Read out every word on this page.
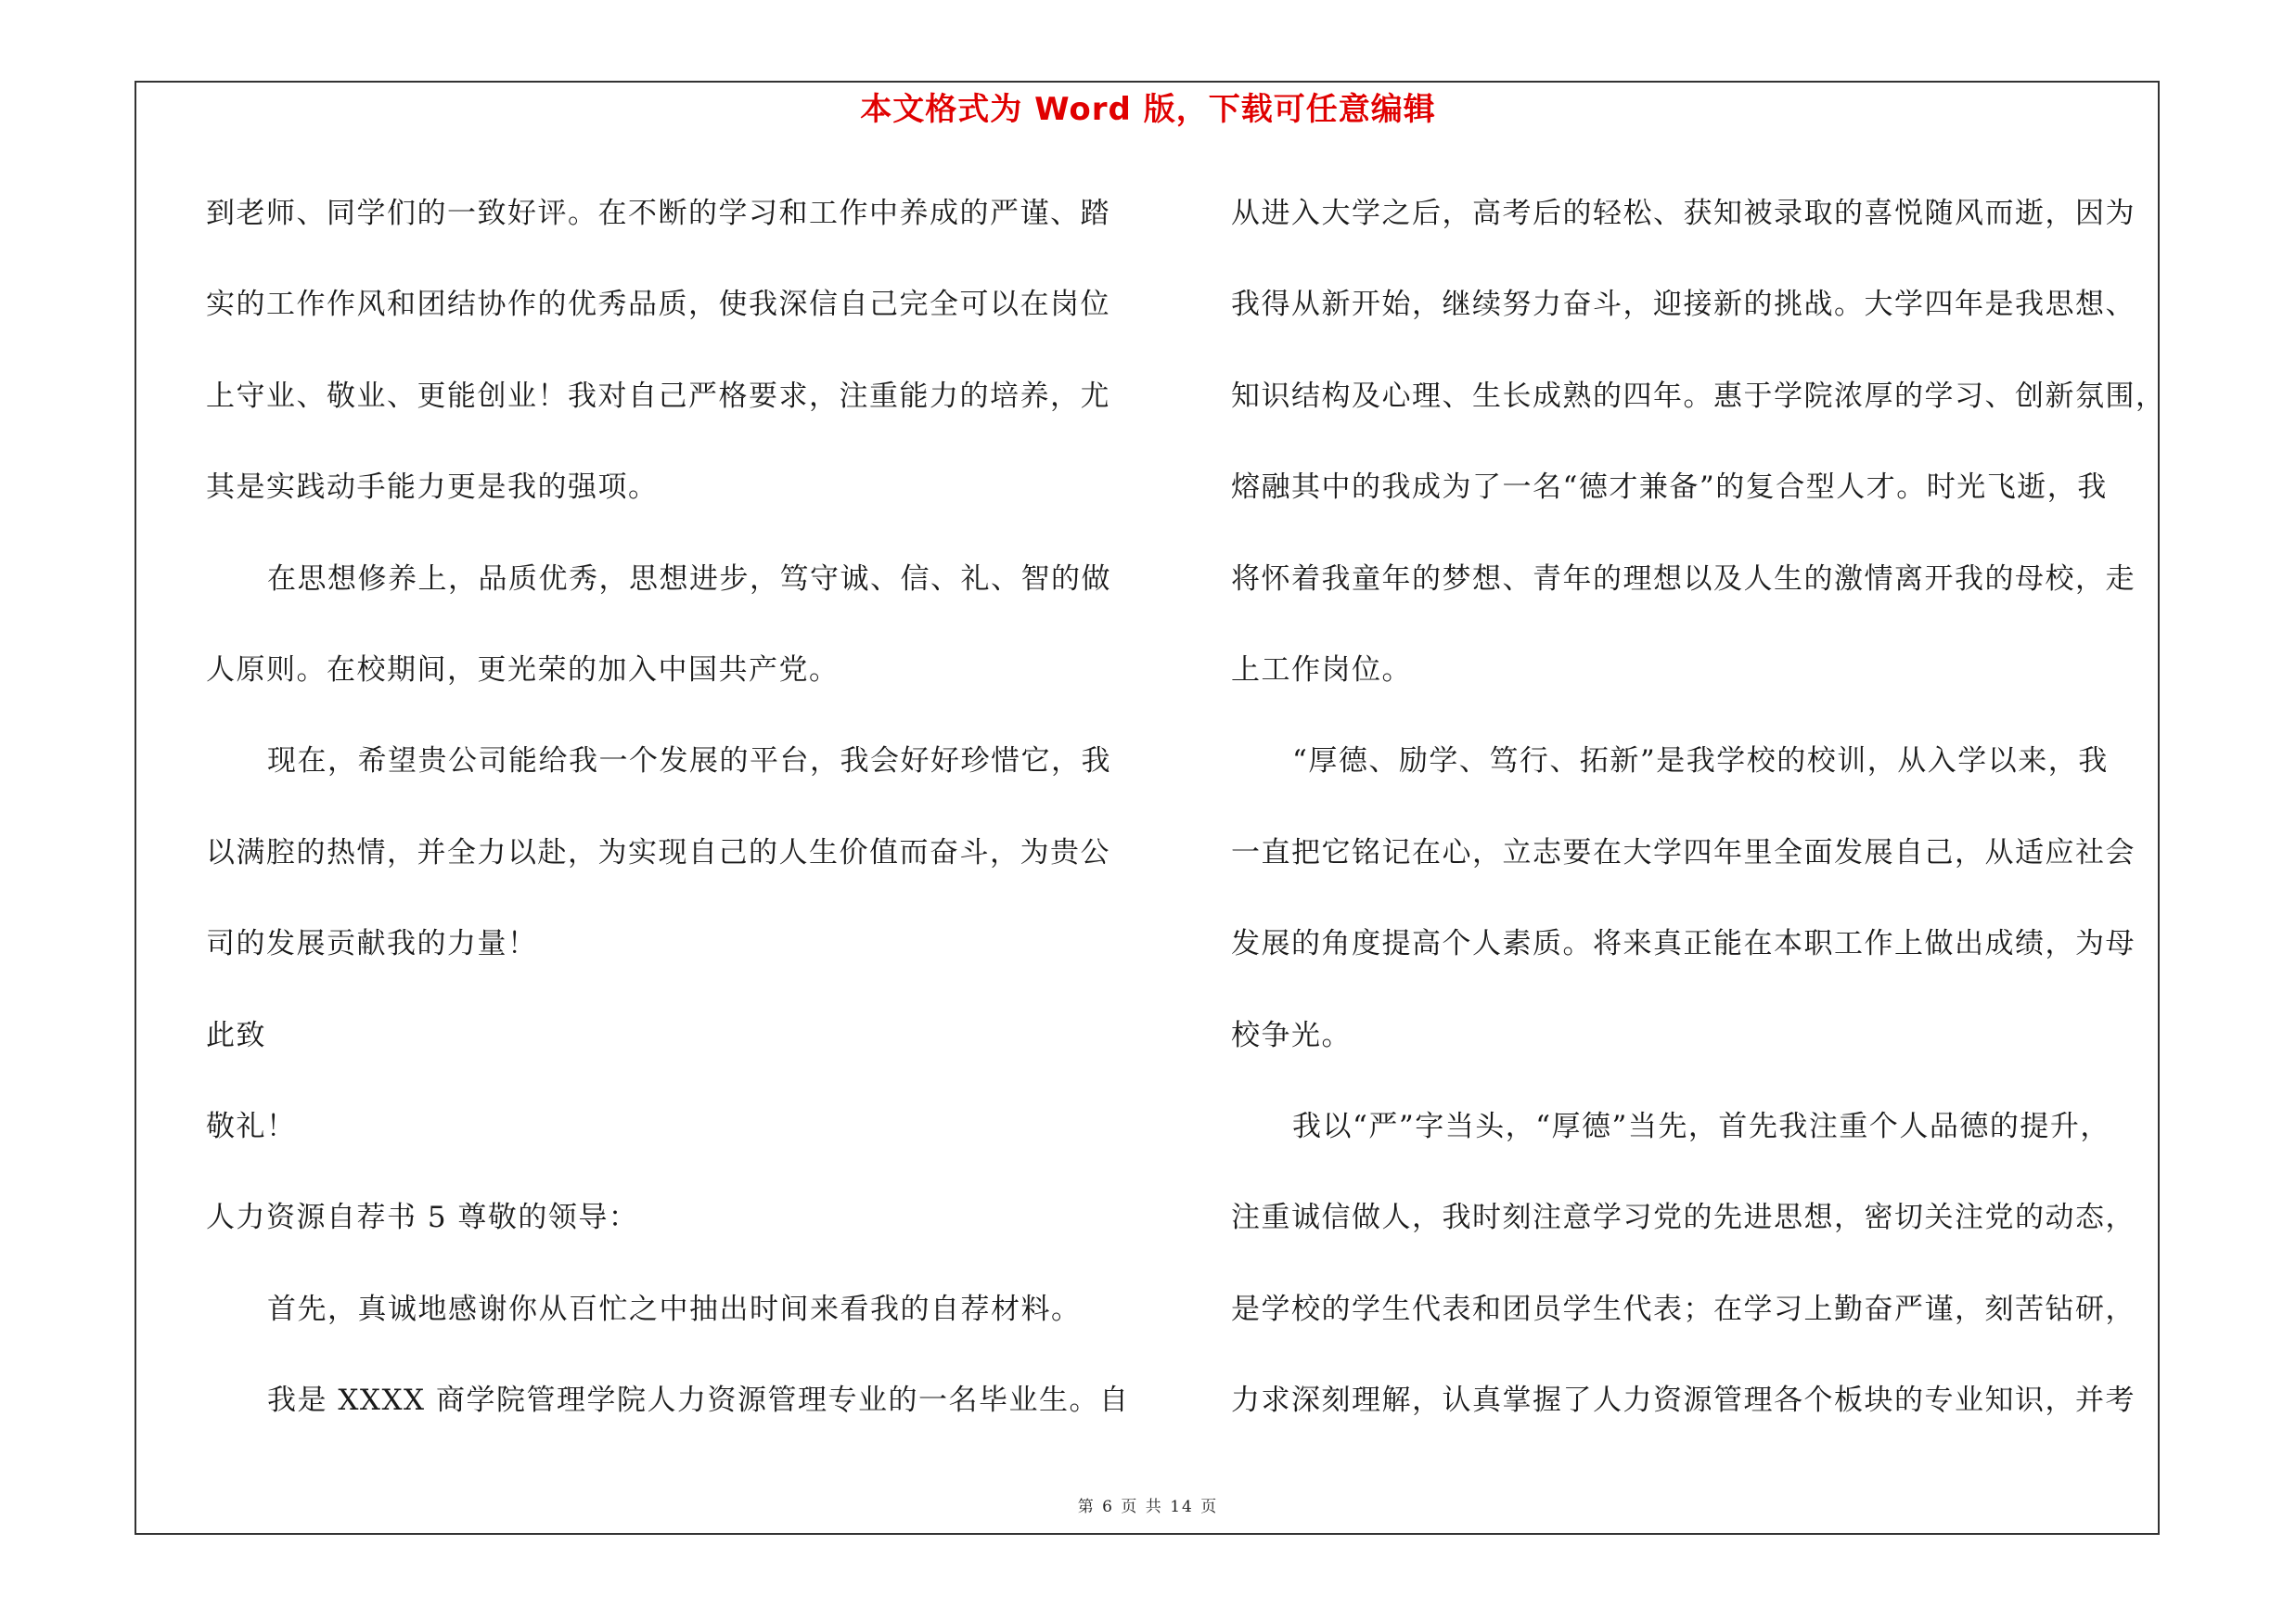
本文格式为 Word 版，下载可任意编辑
到老师、同学们的一致好评。在不断的学习和工作中养成的严谨、踏
实的工作作风和团结协作的优秀品质，使我深信自己完全可以在岗位
上守业、敬业、更能创业！我对自己严格要求，注重能力的培养，尤
其是实践动手能力更是我的强项。
在思想修养上，品质优秀，思想进步，笃守诚、信、礼、智的做
人原则。在校期间，更光荣的加入中国共产党。
现在，希望贵公司能给我一个发展的平台，我会好好珍惜它，我
以满腔的热情，并全力以赴，为实现自己的人生价值而奋斗，为贵公
司的发展贡献我的力量！
此致
敬礼！
人力资源自荐书 5 尊敬的领导：
首先，真诚地感谢你从百忙之中抽出时间来看我的自荐材料。
我是 XXXX 商学院管理学院人力资源管理专业的一名毕业生。自
从进入大学之后，高考后的轻松、获知被录取的喜悦随风而逝，因为
我得从新开始，继续努力奋斗，迎接新的挑战。大学四年是我思想、
知识结构及心理、生长成熟的四年。惠于学院浓厚的学习、创新氛围，
熔融其中的我成为了一名“德才兼备”的复合型人才。时光飞逝，我
将怀着我童年的梦想、青年的理想以及人生的激情离开我的母校，走
上工作岗位。
“厚德、励学、笃行、拓新”是我学校的校训，从入学以来，我
一直把它铭记在心，立志要在大学四年里全面发展自己，从适应社会
发展的角度提高个人素质。将来真正能在本职工作上做出成绩，为母
校争光。
我以“严”字当头，“厚德”当先，首先我注重个人品德的提升，
注重诚信做人，我时刻注意学习党的先进思想，密切关注党的动态，
是学校的学生代表和团员学生代表；在学习上勤奋严谨，刻苦钻研，
力求深刻理解，认真掌握了人力资源管理各个板块的专业知识，并考
第 6 页 共 14 页
